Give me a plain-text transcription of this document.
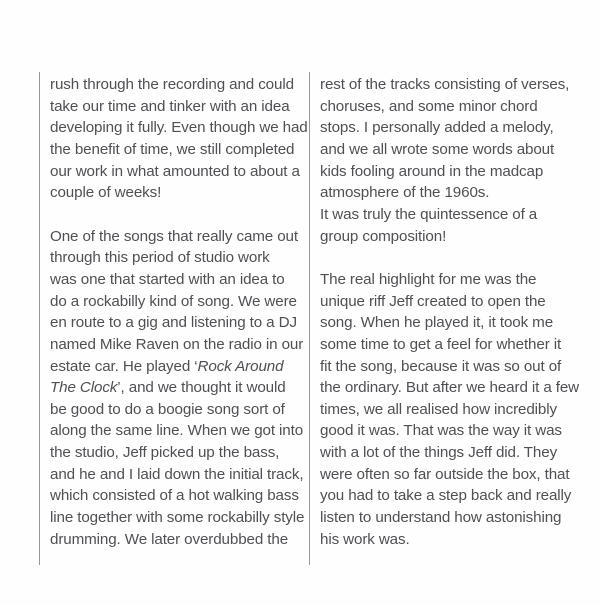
rush through the recording and could
take our time and tinker with an idea
developing it fully. Even though we had
the benefit of time, we still completed
our work in what amounted to about a
couple of weeks!
One of the songs that really came out
through this period of studio work
was one that started with an idea to
do a rockabilly kind of song. We were
en route to a gig and listening to a DJ
named Mike Raven on the radio in our
estate car. He played ‘Rock Around
The Clock’, and we thought it would
be good to do a boogie song sort of
along the same line. When we got into
the studio, Jeff picked up the bass,
and he and I laid down the initial track,
which consisted of a hot walking bass
line together with some rockabilly style
drumming. We later overdubbed the
rest of the tracks consisting of verses,
choruses, and some minor chord
stops. I personally added a melody,
and we all wrote some words about
kids fooling around in the madcap
atmosphere of the 1960s.
It was truly the quintessence of a
group composition!
The real highlight for me was the
unique riff Jeff created to open the
song. When he played it, it took me
some time to get a feel for whether it
fit the song, because it was so out of
the ordinary. But after we heard it a few
times, we all realised how incredibly
good it was. That was the way it was
with a lot of the things Jeff did. They
were often so far outside the box, that
you had to take a step back and really
listen to understand how astonishing
his work was.
